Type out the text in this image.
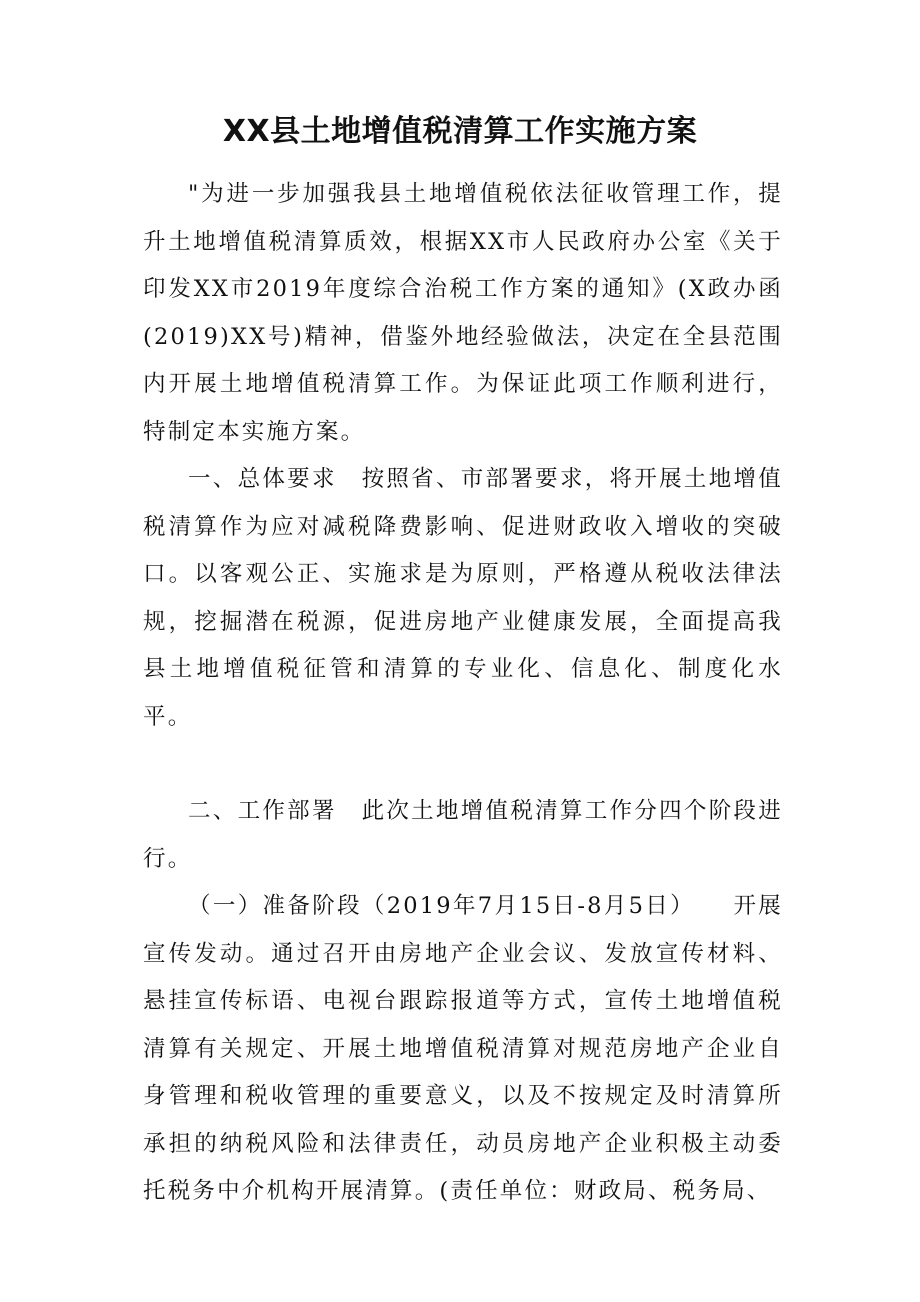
XX县土地增值税清算工作实施方案

"为进一步加强我县土地增值税依法征收管理工作，提升土地增值税清算质效，根据XX市人民政府办公室《关于印发XX市2019年度综合治税工作方案的通知》(X政办函(2019)XX号)精神，借鉴外地经验做法，决定在全县范围内开展土地增值税清算工作。为保证此项工作顺利进行，特制定本实施方案。

一、总体要求　 按照省、市部署要求，将开展土地增值税清算作为应对减税降费影响、促进财政收入增收的突破口。以客观公正、实施求是为原则，严格遵从税收法律法规，挖掘潜在税源，促进房地产业健康发展，全面提高我县土地增值税征管和清算的专业化、信息化、制度化水平。

二、工作部署　 此次土地增值税清算工作分四个阶段进行。

（一）准备阶段（2019年7月15日-8月5日）　　 开展宣传发动。通过召开由房地产企业会议、发放宣传材料、悬挂宣传标语、电视台跟踪报道等方式，宣传土地增值税清算有关规定、开展土地增值税清算对规范房地产企业自身管理和税收管理的重要意义，以及不按规定及时清算所承担的纳税风险和法律责任，动员房地产企业积极主动委托税务中介机构开展清算。(责任单位：财政局、税务局、
